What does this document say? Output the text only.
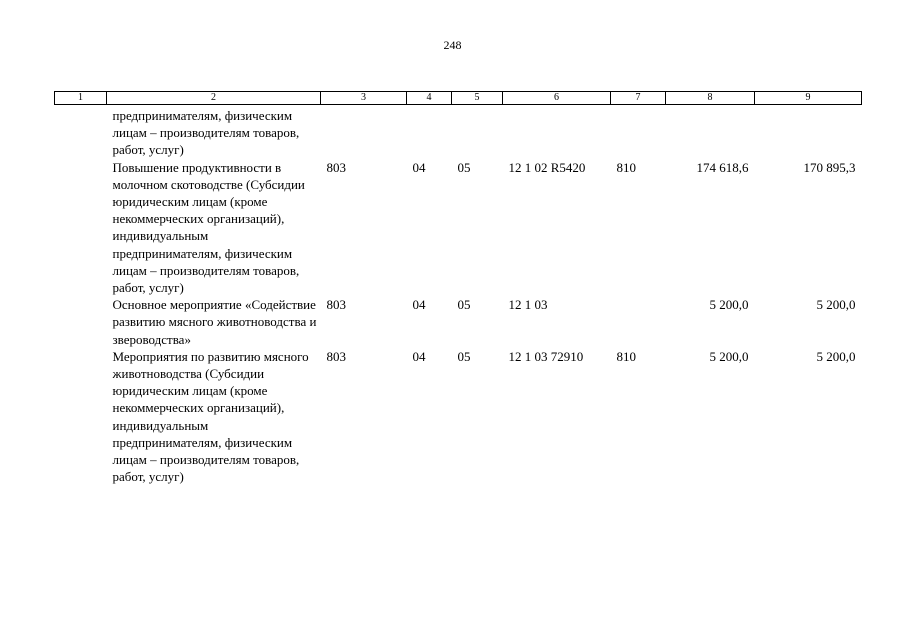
248
1	2	3	4	5	6	7	8	9
	предпринимателям, физическим лицам – производителям товаров, работ, услуг)							
	Повышение продуктивности в молочном скотоводстве (Субсидии юридическим лицам (кроме некоммерческих организаций), индивидуальным предпринимателям, физическим лицам – производителям товаров, работ, услуг)	803	04	05	12 1 02 R5420	810	174 618,6	170 895,3
	Основное мероприятие «Содействие развитию мясного животноводства и звероводства»	803	04	05	12 1 03		5 200,0	5 200,0
	Мероприятия по развитию мясного животноводства (Субсидии юридическим лицам (кроме некоммерческих организаций), индивидуальным предпринимателям, физическим лицам – производителям товаров, работ, услуг)	803	04	05	12 1 03 72910	810	5 200,0	5 200,0
